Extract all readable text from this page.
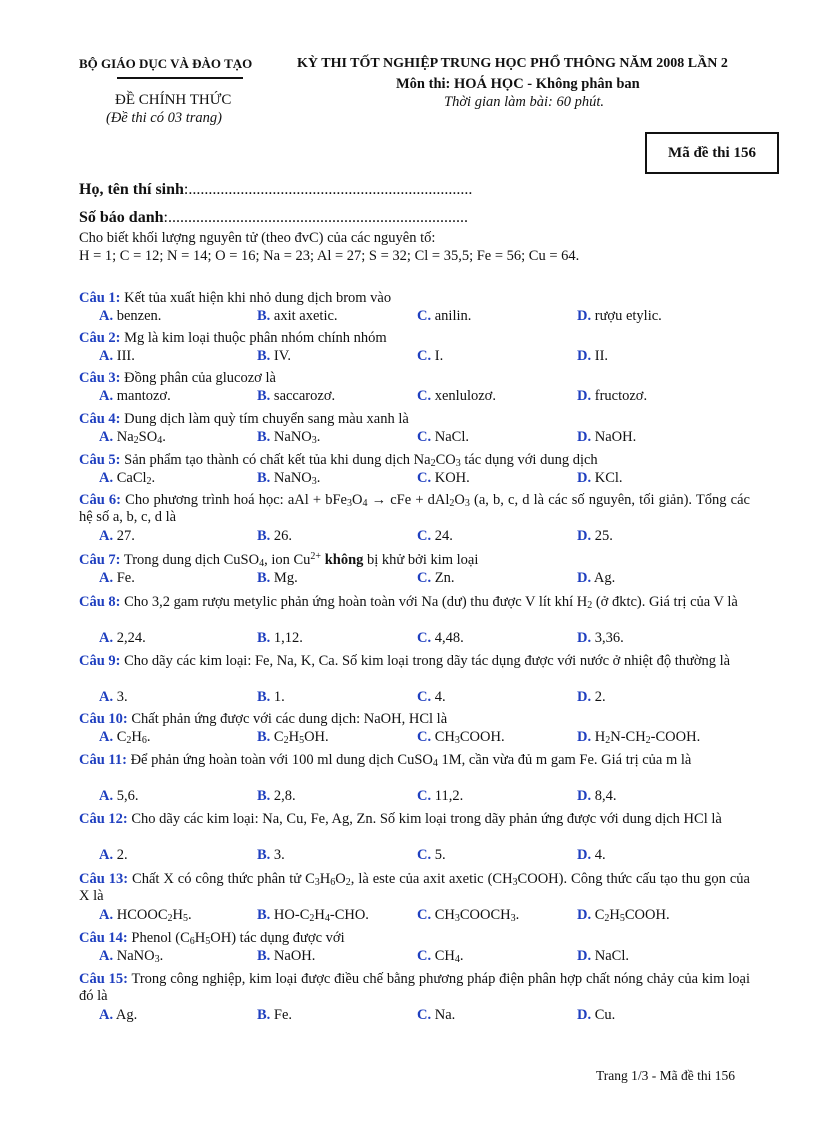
BỘ GIÁO DỤC VÀ ĐÀO TẠO
ĐỀ CHÍNH THỨC
(Đề thi có 03 trang)
KỲ THI TỐT NGHIỆP TRUNG HỌC PHỔ THÔNG NĂM 2008 LẦN 2
Môn thi: HOÁ HỌC - Không phân ban
Thời gian làm bài: 60 phút.
Mã đề thi 156
Họ, tên thí sinh:.......................................................................
Số báo danh:...........................................................................
Cho biết khối lượng nguyên tử (theo đvC) của các nguyên tố:
H = 1; C = 12; N = 14; O = 16; Na = 23; Al = 27; S = 32; Cl = 35,5; Fe = 56; Cu = 64.
Câu 1: Kết tủa xuất hiện khi nhỏ dung dịch brom vào
A. benzen.	B. axit axetic.	C. anilin.	D. rượu etylic.
Câu 2: Mg là kim loại thuộc phân nhóm chính nhóm
A. III.	B. IV.	C. I.	D. II.
Câu 3: Đồng phân của glucozơ là
A. mantozơ.	B. saccarozơ.	C. xenlulozơ.	D. fructozơ.
Câu 4: Dung dịch làm quỳ tím chuyển sang màu xanh là
A. $Na_2SO_4$.	B. NaNO$_3$.	C. NaCl.	D. NaOH.
Câu 5: Sản phẩm tạo thành có chất kết tủa khi dung dịch $Na_2CO_3$ tác dụng với dung dịch
A. CaCl$_2$.	B. NaNO$_3$.	C. KOH.	D. KCl.
Câu 6: Cho phương trình hoá học: aAl + $bFe_3O_4$ → cFe + $dAl_2O_3$ (a, b, c, d là các số nguyên, tối giản). Tổng các hệ số a, b, c, d là
A. 27.	B. 26.	C. 24.	D. 25.
Câu 7: Trong dung dịch CuSO$_4$, ion $Cu^{2+}$ không bị khử bởi kim loại
A. Fe.	B. Mg.	C. Zn.	D. Ag.
Câu 8: Cho 3,2 gam rượu metylic phản ứng hoàn toàn với Na (dư) thu được V lít khí $H_2$ (ở đktc). Giá trị của V là
A. 2,24.	B. 1,12.	C. 4,48.	D. 3,36.
Câu 9: Cho dãy các kim loại: Fe, Na, K, Ca. Số kim loại trong dãy tác dụng được với nước ở nhiệt độ thường là
A. 3.	B. 1.	C. 4.	D. 2.
Câu 10: Chất phản ứng được với các dung dịch: NaOH, HCl là
A. $C_2H_6$.	B. $C_2H_5OH$.	C. $CH_3COOH$.	D. $H_2N-CH_2$-COOH.
Câu 11: Để phản ứng hoàn toàn với 100 ml dung dịch CuSO$_4$ 1M, cần vừa đủ m gam Fe. Giá trị của m là
A. 5,6.	B. 2,8.	C. 11,2.	D. 8,4.
Câu 12: Cho dãy các kim loại: Na, Cu, Fe, Ag, Zn. Số kim loại trong dãy phản ứng được với dung dịch HCl là
A. 2.	B. 3.	C. 5.	D. 4.
Câu 13: Chất X có công thức phân tử $C_3H_6O_2$, là este của axit axetic $(CH_3COOH)$. Công thức cấu tạo thu gọn của X là
A. $HCOOC_2H_5$.	B. $HO-C_2H_4$-CHO.	C. $CH_3COOCH_3$.	D. $C_2H_5COOH$.
Câu 14: Phenol $(C_6H_5OH)$ tác dụng được với
A. NaNO$_3$.	B. NaOH.	C. $CH_4$.	D. NaCl.
Câu 15: Trong công nghiệp, kim loại được điều chế bằng phương pháp điện phân hợp chất nóng chảy của kim loại đó là
A. Ag.	B. Fe.	C. Na.	D. Cu.
Trang 1/3 - Mã đề thi 156
